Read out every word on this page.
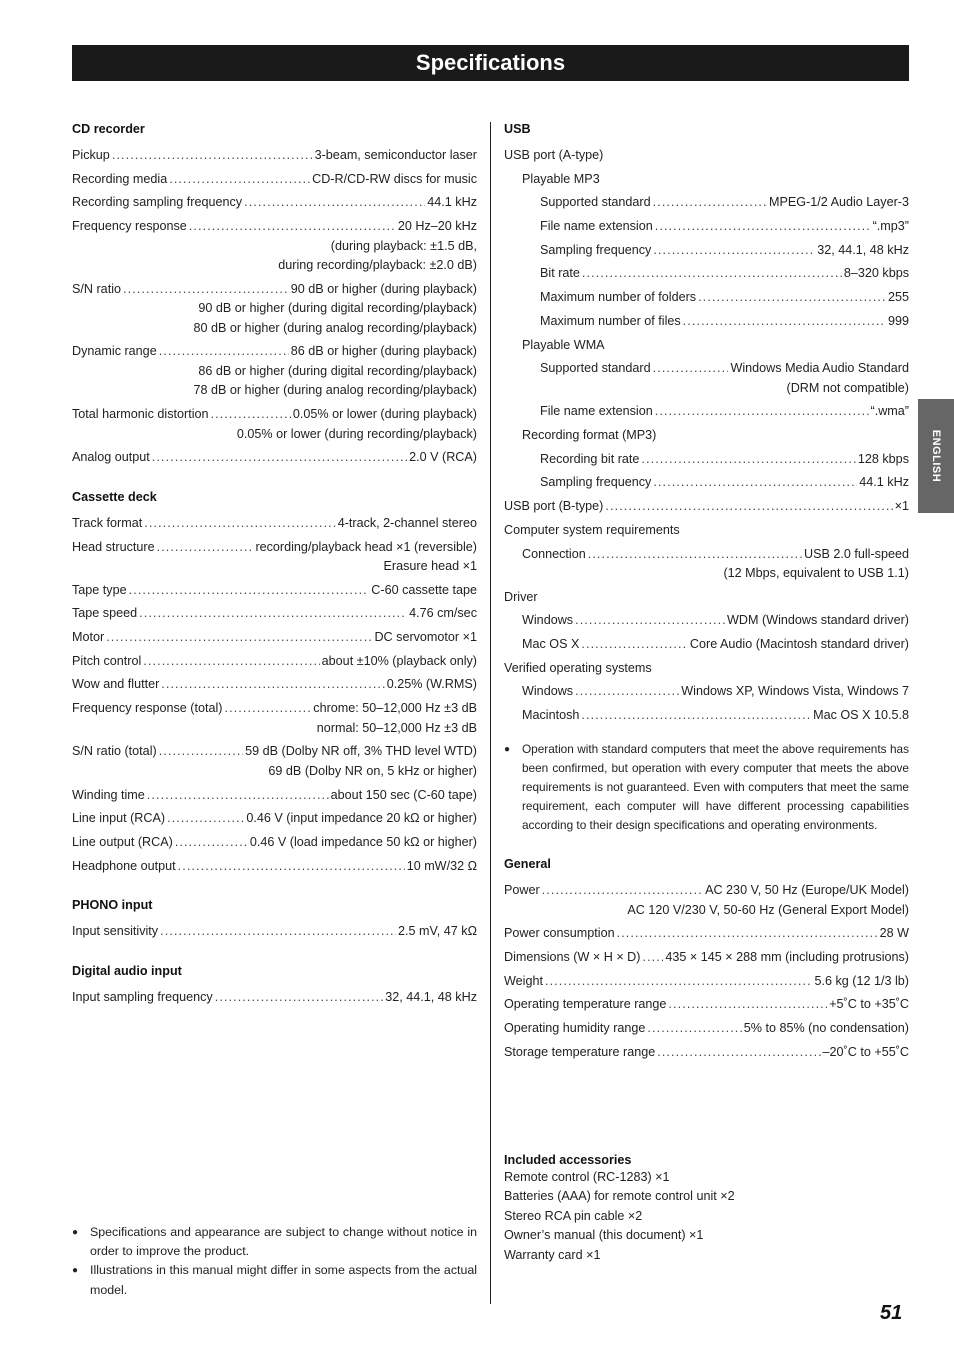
Specifications
CD recorder
Pickup .....	3-beam, semiconductor laser
Recording media .....	CD-R/CD-RW discs for music
Recording sampling frequency .....	44.1 kHz
Frequency response .....	20 Hz–20 kHz
(during playback: ±1.5 dB,
during recording/playback: ±2.0 dB)
S/N ratio .....	90 dB or higher (during playback)
90 dB or higher (during digital recording/playback)
80 dB or higher (during analog recording/playback)
Dynamic range .....	86 dB or higher (during playback)
86 dB or higher (during digital recording/playback)
78 dB or higher (during analog recording/playback)
Total harmonic distortion .....	0.05% or lower (during playback)
0.05% or lower (during recording/playback)
Analog output .....	2.0 V (RCA)
Cassette deck
Track format .....	4-track, 2-channel stereo
Head structure .....	recording/playback head ×1 (reversible)
Erasure head ×1
Tape type .....	C-60 cassette tape
Tape speed .....	4.76 cm/sec
Motor .....	DC servomotor ×1
Pitch control .....	about ±10% (playback only)
Wow and flutter .....	0.25% (W.RMS)
Frequency response (total) .....	chrome: 50–12,000 Hz ±3 dB
normal: 50–12,000 Hz ±3 dB
S/N ratio (total) .....	59 dB (Dolby NR off, 3% THD level WTD)
69 dB (Dolby NR on, 5 kHz or higher)
Winding time .....	about 150 sec (C-60 tape)
Line input (RCA) .....	0.46 V (input impedance 20 kΩ or higher)
Line output (RCA) .....	0.46 V (load impedance 50 kΩ or higher)
Headphone output .....	10 mW/32 Ω
PHONO input
Input sensitivity .....	2.5 mV, 47 kΩ
Digital audio input
Input sampling frequency .....	32, 44.1, 48 kHz
● Specifications and appearance are subject to change without notice in order to improve the product.
● Illustrations in this manual might differ in some aspects from the actual model.
USB
USB port (A-type)
Playable MP3
Supported standard .....	MPEG-1/2 Audio Layer-3
File name extension .....	“.mp3”
Sampling frequency .....	32, 44.1, 48 kHz
Bit rate .....	8–320 kbps
Maximum number of folders .....	255
Maximum number of files .....	999
Playable WMA
Supported standard .....	Windows Media Audio Standard
(DRM not compatible)
File name extension .....	“.wma”
Recording format (MP3)
Recording bit rate .....	128 kbps
Sampling frequency .....	44.1 kHz
USB port (B-type) .....	×1
Computer system requirements
Connection .....	USB 2.0 full-speed
(12 Mbps, equivalent to USB 1.1)
Driver
Windows .....	WDM (Windows standard driver)
Mac OS X .....	Core Audio (Macintosh standard driver)
Verified operating systems
Windows .....	Windows XP, Windows Vista, Windows 7
Macintosh .....	Mac OS X 10.5.8
● Operation with standard computers that meet the above requirements has been confirmed, but operation with every computer that meets the above requirements is not guaranteed. Even with computers that meet the same requirement, each computer will have different processing capabilities according to their design specifications and operating environments.
General
Power .....	AC 230 V, 50 Hz (Europe/UK Model)
AC 120 V/230 V, 50-60 Hz (General Export Model)
Power consumption .....	28 W
Dimensions (W × H × D) ..... 435 × 145 × 288 mm (including protrusions)
Weight .....	5.6 kg (12 1/3 lb)
Operating temperature range .....	+5˚C to +35˚C
Operating humidity range .....	5% to 85% (no condensation)
Storage temperature range .....	–20˚C to +55˚C
Included accessories
Remote control (RC-1283) ×1
Batteries (AAA) for remote control unit ×2
Stereo RCA pin cable ×2
Owner’s manual (this document) ×1
Warranty card ×1
ENGLISH
51
